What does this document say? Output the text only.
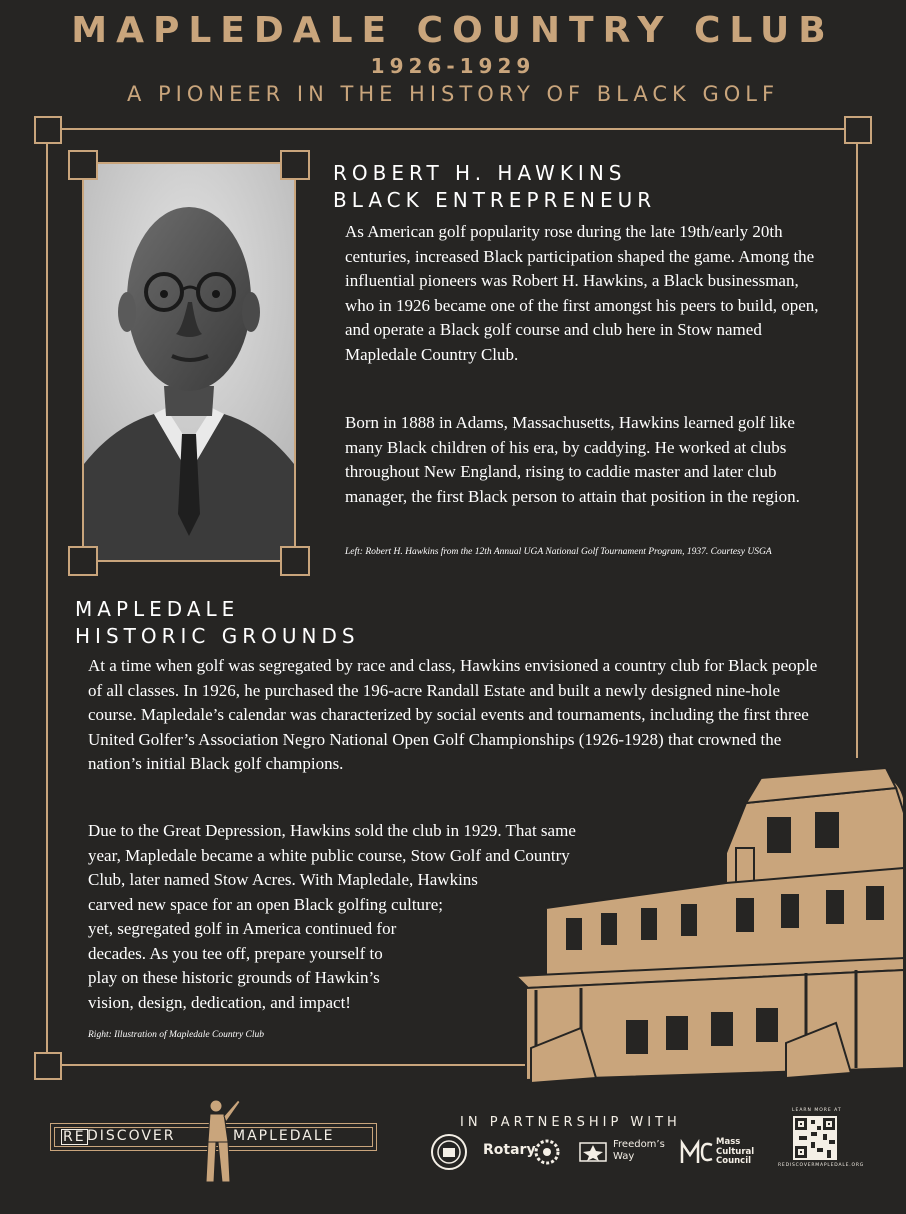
MAPLEDALE COUNTRY CLUB
1926-1929
A PIONEER IN THE HISTORY OF BLACK GOLF
ROBERT H. HAWKINS
BLACK ENTREPRENEUR

As American golf popularity rose during the late 19th/early 20th centuries, increased Black participation shaped the game. Among the influential pioneers was Robert H. Hawkins, a Black businessman, who in 1926 became one of the first amongst his peers to build, open, and operate a Black golf course and club here in Stow named Mapledale Country Club.

Born in 1888 in Adams, Massachusetts, Hawkins learned golf like many Black children of his era, by caddying. He worked at clubs throughout New England, rising to caddie master and later club manager, the first Black person to attain that position in the region.

Left: Robert H. Hawkins from the 12th Annual UGA National Golf Tournament Program, 1937. Courtesy USGA

MAPLEDALE
HISTORIC GROUNDS

At a time when golf was segregated by race and class, Hawkins envisioned a country club for Black people of all classes. In 1926, he purchased the 196-acre Randall Estate and built a newly designed nine-hole course. Mapledale’s calendar was characterized by social events and tournaments, including the first three United Golfer’s Association Negro National Open Golf Championships (1926-1928) that crowned the nation’s initial Black golf champions.

Due to the Great Depression, Hawkins sold the club in 1929. That same
year, Mapledale became a white public course, Stow Golf and Country
Club, later named Stow Acres. With Mapledale, Hawkins
carved new space for an open Black golfing culture;
yet, segregated golf in America continued for
decades. As you tee off, prepare yourself to
play on these historic grounds of Hawkin’s
vision, design, dedication, and impact!

Right: Illustration of Mapledale Country Club

RE DISCOVER	MAPLEDALE
IN PARTNERSHIP WITH
Rotary	Freedom’s
Way
Mass
Cultural
Council
LEARN MORE AT
REDISCOVERMAPLEDALE.ORG
